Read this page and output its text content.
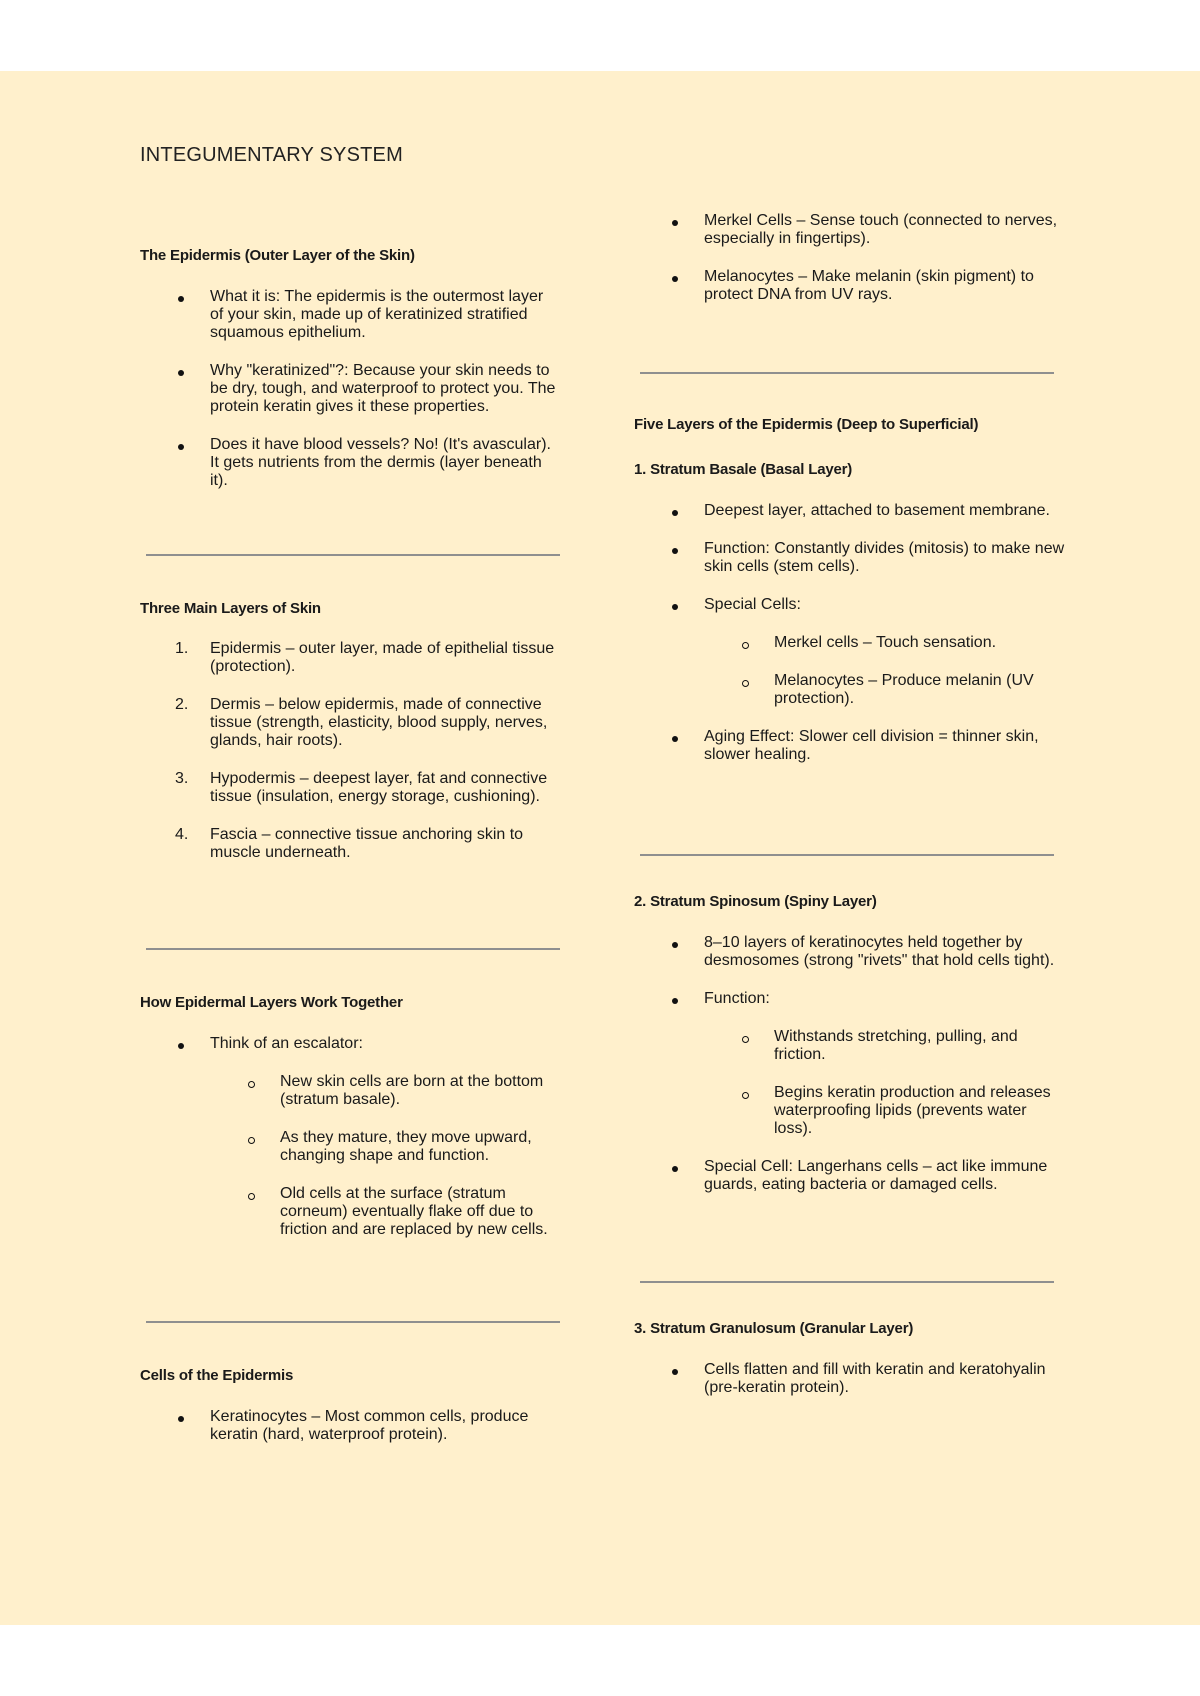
INTEGUMENTARY SYSTEM
The Epidermis (Outer Layer of the Skin)
What it is: The epidermis is the outermost layer of your skin, made up of keratinized stratified squamous epithelium.
Why "keratinized"?: Because your skin needs to be dry, tough, and waterproof to protect you. The protein keratin gives it these properties.
Does it have blood vessels? No! (It's avascular). It gets nutrients from the dermis (layer beneath it).
Three Main Layers of Skin
1. Epidermis – outer layer, made of epithelial tissue (protection).
2. Dermis – below epidermis, made of connective tissue (strength, elasticity, blood supply, nerves, glands, hair roots).
3. Hypodermis – deepest layer, fat and connective tissue (insulation, energy storage, cushioning).
4. Fascia – connective tissue anchoring skin to muscle underneath.
How Epidermal Layers Work Together
Think of an escalator:
New skin cells are born at the bottom (stratum basale).
As they mature, they move upward, changing shape and function.
Old cells at the surface (stratum corneum) eventually flake off due to friction and are replaced by new cells.
Cells of the Epidermis
Keratinocytes – Most common cells, produce keratin (hard, waterproof protein).
Merkel Cells – Sense touch (connected to nerves, especially in fingertips).
Melanocytes – Make melanin (skin pigment) to protect DNA from UV rays.
Five Layers of the Epidermis (Deep to Superficial)
1. Stratum Basale (Basal Layer)
Deepest layer, attached to basement membrane.
Function: Constantly divides (mitosis) to make new skin cells (stem cells).
Special Cells:
Merkel cells – Touch sensation.
Melanocytes – Produce melanin (UV protection).
Aging Effect: Slower cell division = thinner skin, slower healing.
2. Stratum Spinosum (Spiny Layer)
8–10 layers of keratinocytes held together by desmosomes (strong "rivets" that hold cells tight).
Function:
Withstands stretching, pulling, and friction.
Begins keratin production and releases waterproofing lipids (prevents water loss).
Special Cell: Langerhans cells – act like immune guards, eating bacteria or damaged cells.
3. Stratum Granulosum (Granular Layer)
Cells flatten and fill with keratin and keratohyalin (pre-keratin protein).
